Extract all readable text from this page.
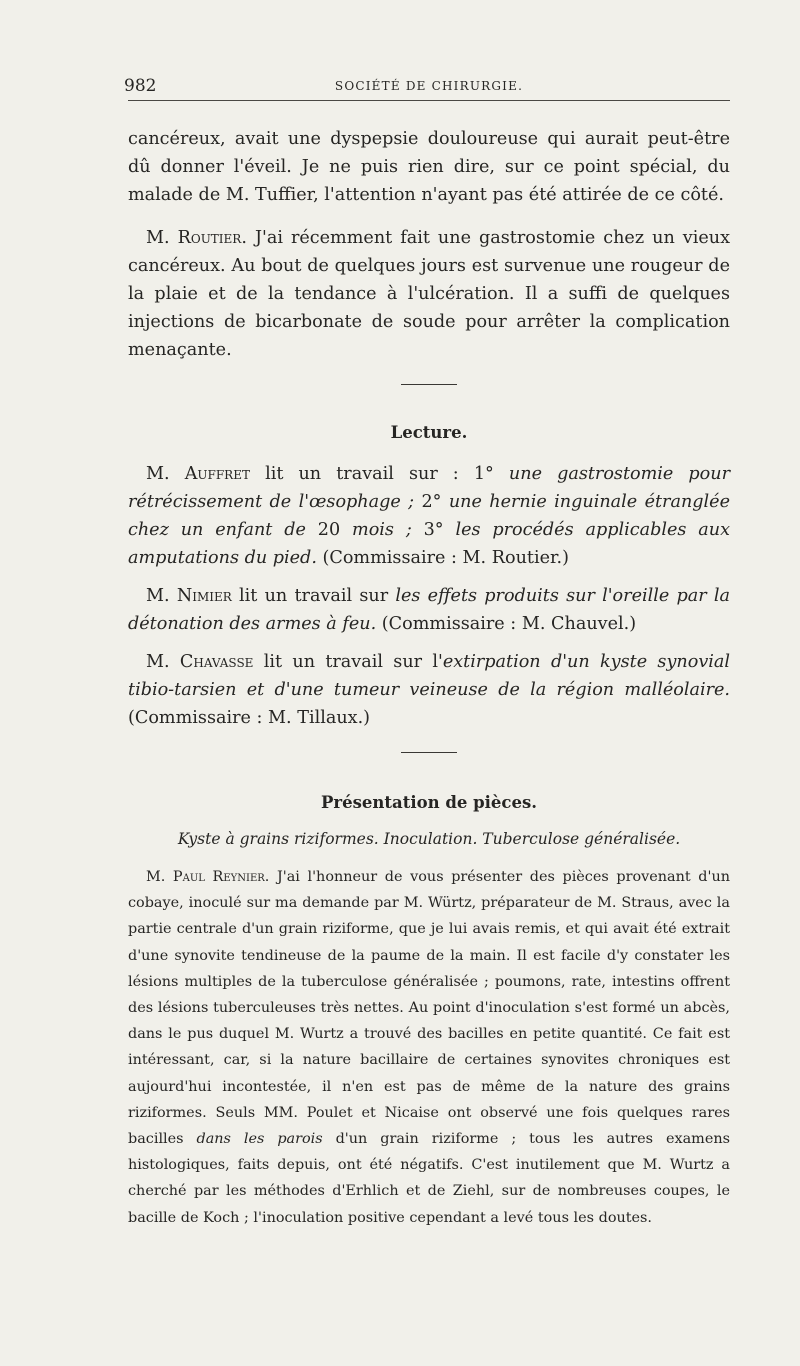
982	SOCIÉTÉ DE CHIRURGIE.

cancéreux, avait une dyspepsie douloureuse qui aurait peut-être dû donner l'éveil. Je ne puis rien dire, sur ce point spécial, du malade de M. Tuffier, l'attention n'ayant pas été attirée de ce côté.

M. Routier. J'ai récemment fait une gastrostomie chez un vieux cancéreux. Au bout de quelques jours est survenue une rougeur de la plaie et de la tendance à l'ulcération. Il a suffi de quelques injections de bicarbonate de soude pour arrêter la complication menaçante.

Lecture.

M. Auffret lit un travail sur : 1° une gastrostomie pour rétrécissement de l'œsophage ; 2° une hernie inguinale étranglée chez un enfant de 20 mois ; 3° les procédés applicables aux amputations du pied. (Commissaire : M. Routier.)

M. Nimier lit un travail sur les effets produits sur l'oreille par la détonation des armes à feu. (Commissaire : M. Chauvel.)

M. Chavasse lit un travail sur l'extirpation d'un kyste synovial tibio-tarsien et d'une tumeur veineuse de la région malléolaire. (Commissaire : M. Tillaux.)

Présentation de pièces.
Kyste à grains riziformes. Inoculation. Tuberculose généralisée.

M. Paul Reynier. J'ai l'honneur de vous présenter des pièces provenant d'un cobaye, inoculé sur ma demande par M. Würtz, préparateur de M. Straus, avec la partie centrale d'un grain riziforme, que je lui avais remis, et qui avait été extrait d'une synovite tendineuse de la paume de la main. Il est facile d'y constater les lésions multiples de la tuberculose généralisée ; poumons, rate, intestins offrent des lésions tuberculeuses très nettes. Au point d'inoculation s'est formé un abcès, dans le pus duquel M. Wurtz a trouvé des bacilles en petite quantité. Ce fait est intéressant, car, si la nature bacillaire de certaines synovites chroniques est aujourd'hui incontestée, il n'en est pas de même de la nature des grains riziformes. Seuls MM. Poulet et Nicaise ont observé une fois quelques rares bacilles dans les parois d'un grain riziforme ; tous les autres examens histologiques, faits depuis, ont été négatifs. C'est inutilement que M. Wurtz a cherché par les méthodes d'Erhlich et de Ziehl, sur de nombreuses coupes, le bacille de Koch ; l'inoculation positive cependant a levé tous les doutes.
